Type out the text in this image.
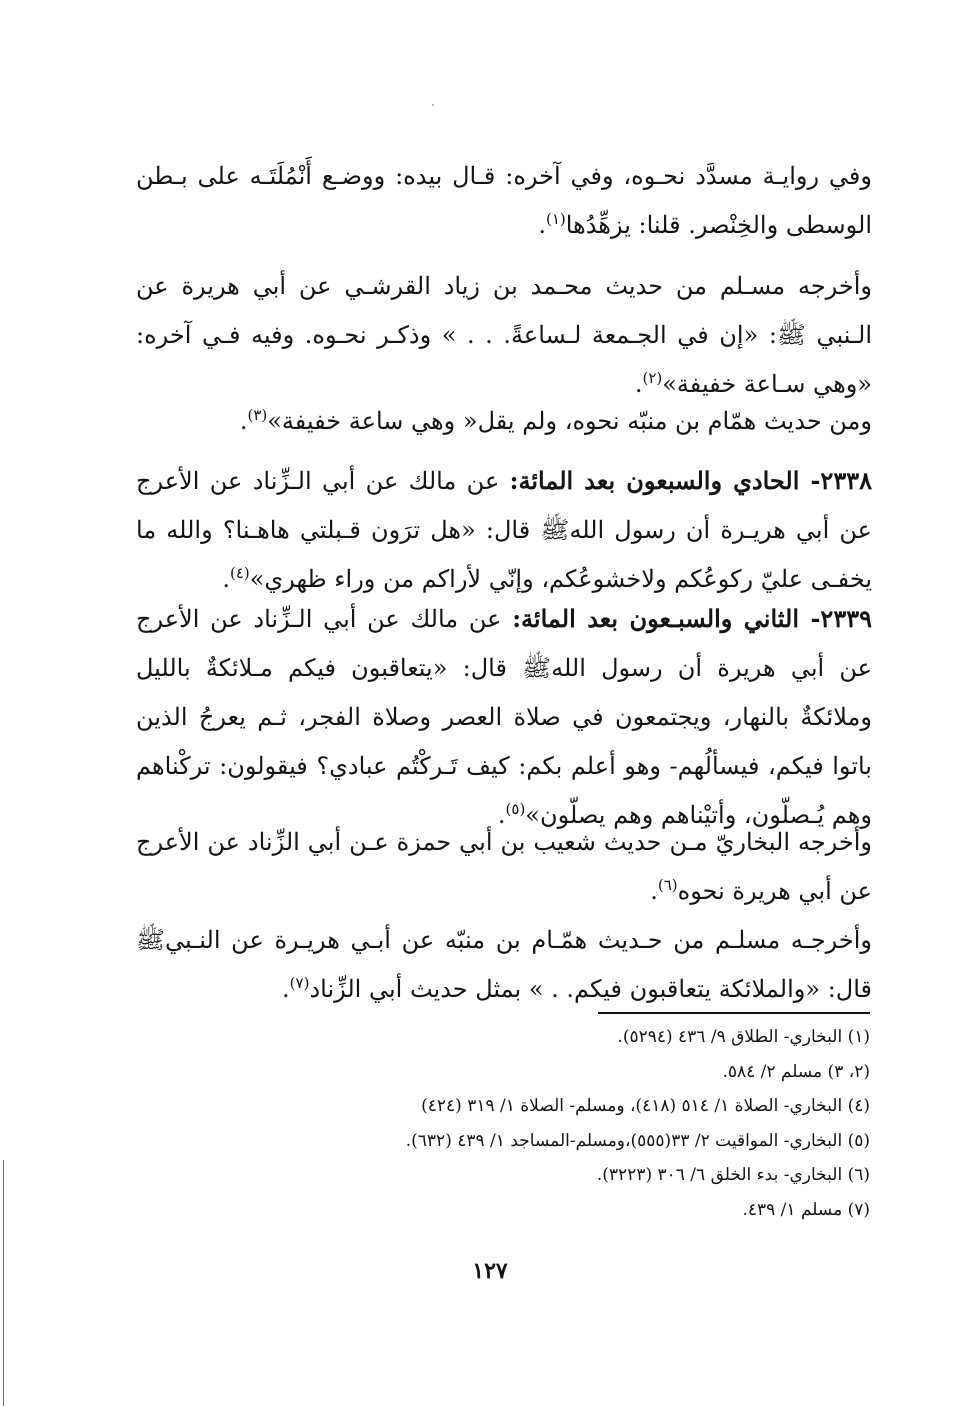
وفي روايـة مسدَّد نحـوه، وفي آخره: قـال بيده: ووضـع أَنْمُلَتَـه على بـطن الوسطى والخِنْصر. قلنا: يزهِّدُها$^{(١)}$.

وأخرجه مسـلم من حديث محـمد بن زياد القرشـي عن أبي هريرة عن الـنبي ﷺ: «إن في الجـمعة لـساعةً. . . » وذكـر نحـوه. وفيه فـي آخره: «وهي سـاعة خفيفة»$^{(٢)}$.

ومن حديث همّام بن منبّه نحوه، ولم يقل« وهي ساعة خفيفة»$^{(٣)}$.

٢٣٣٨- الحادي والسبعون بعد المائة: عن مالك عن أبي الـزِّناد عن الأعرج عن أبي هريـرة أن رسول اللهﷺ قال: «هل ترَون قـبلتي هاهـنا؟ والله ما يخفـى عليّ ركوعُكم ولاخشوعُكم، وإنّي لأراكم من وراء ظهري»$^{(٤)}$.

٢٣٣٩- الثاني والسبـعون بعد المائة: عن مالك عن أبي الـزِّناد عن الأعرج عن أبي هريرة أن رسول اللهﷺ قال: «يتعاقبون فيكم مـلائكةٌ بالليل وملائكةٌ بالنهار، ويجتمعون في صلاة العصر وصلاة الفجر، ثـم يعرجُ الذين باتوا فيكم، فيسألُهم- وهو أعلم بكم: كيف تَـركْتُم عبادي؟ فيقولون: تركْناهم وهم يُـصلّون، وأتيْناهم وهم يصلّون»$^{(٥)}$.

وأخرجه البخاريّ مـن حديث شعيب بن أبي حمزة عـن أبي الزِّناد عن الأعرج عن أبي هريرة نحوه$^{(٦)}$.

وأخرجـه مسلـم من حـديث همّـام بن منبّه عن أبـي هريـرة عن النـبيﷺ قال: «والملائكة يتعاقبون فيكم. . » بمثل حديث أبي الزِّناد$^{(٧)}$.

(١) البخاري- الطلاق ٩/ ٤٣٦ (٥٢٩٤).

(٢، ٣) مسلم ٢/ ٥٨٤.

(٤) البخاري- الصلاة ١/ ٥١٤ (٤١٨)، ومسلم- الصلاة ١/ ٣١٩ (٤٢٤)

(٥) البخاري- المواقيت ٢/ ٣٣(٥٥٥)،ومسلم-المساجد ١/ ٤٣٩ (٦٣٢).

(٦) البخاري- بدء الخلق ٦/ ٣٠٦ (٣٢٢٣).

(٧) مسلم ١/ ٤٣٩.

١٢٧
